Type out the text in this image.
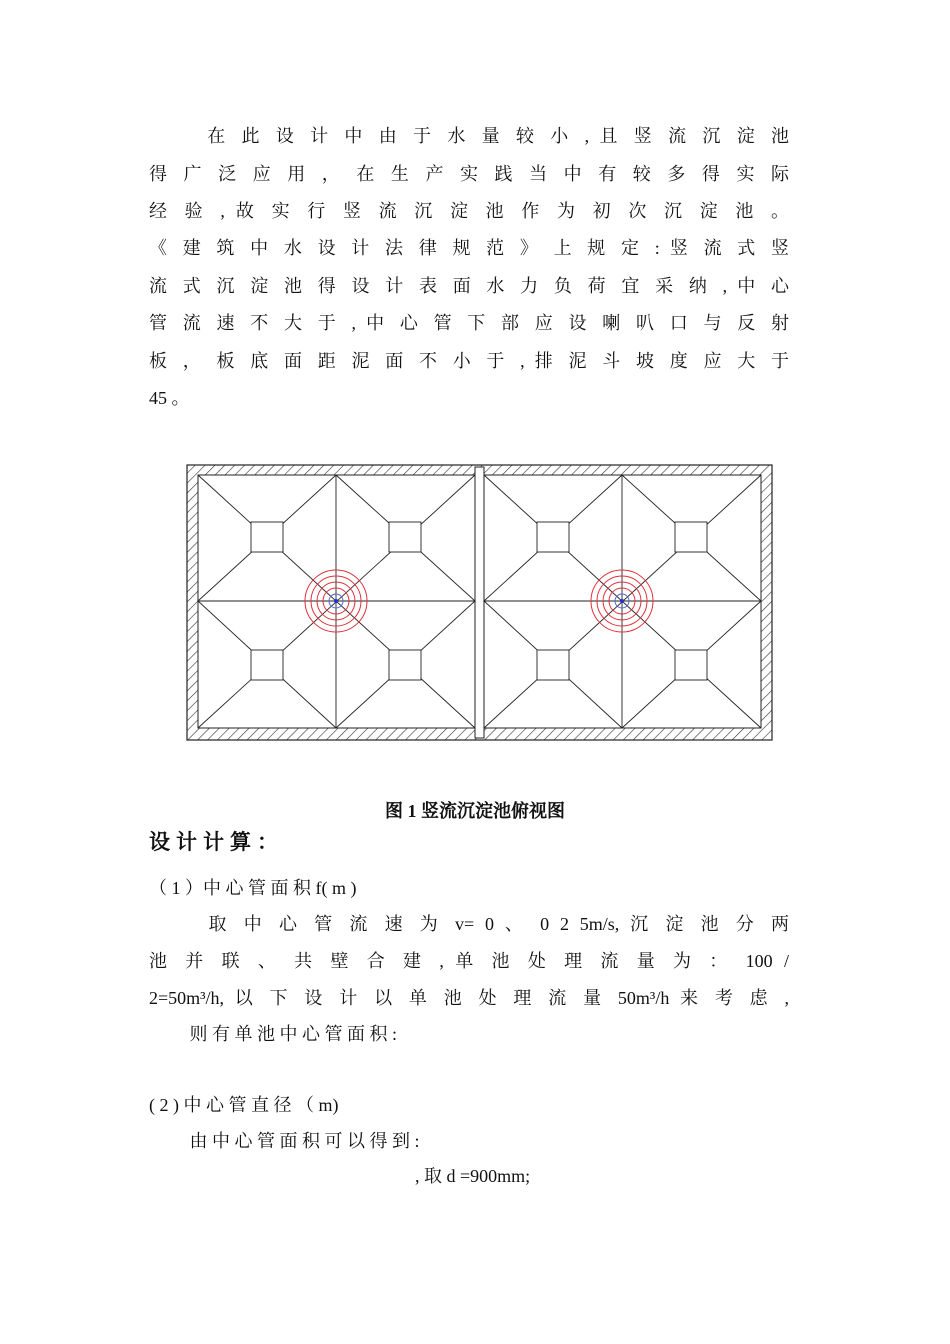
　　 在 此 设 计 中 由 于 水 量 较 小 , 且 竖 流 沉 淀 池
得 广 泛 应 用 ， 在 生 产 实 践 当 中 有 较 多 得 实 际
经 验 , 故 实 行 竖 流 沉 淀 池 作 为 初 次 沉 淀 池 。
《 建 筑 中 水 设 计 法 律 规 范 》 上 规 定 : 竖 流 式 竖
流 式 沉 淀 池 得 设 计 表 面 水 力 负 荷 宜 采 纳 , 中 心
管 流 速 不 大 于 , 中 心 管 下 部 应 设 喇 叭 口 与 反 射
板 ， 板 底 面 距 泥 面 不 小 于 , 排 泥 斗 坡 度 应 大 于
45 。
图 1 竖流沉淀池俯视图
设计计算：
（ 1 ）中 心 管 面 积 f( m )
　　 取 中 心 管 流 速 为 v= 0 、 0 2 5m/s, 沉 淀 池 分 两
池 并 联 、 共 壁 合 建 , 单 池 处 理 流 量 为 ： 100 /
2=50m³/h, 以 下 设 计 以 单 池 处 理 流 量 50m³/h 来 考 虑 ,
　　 则 有 单 池 中 心 管 面 积 :
( 2 ) 中 心 管 直 径 （ m)
　　 由 中 心 管 面 积 可 以 得 到 :
, 取 d =900mm;
